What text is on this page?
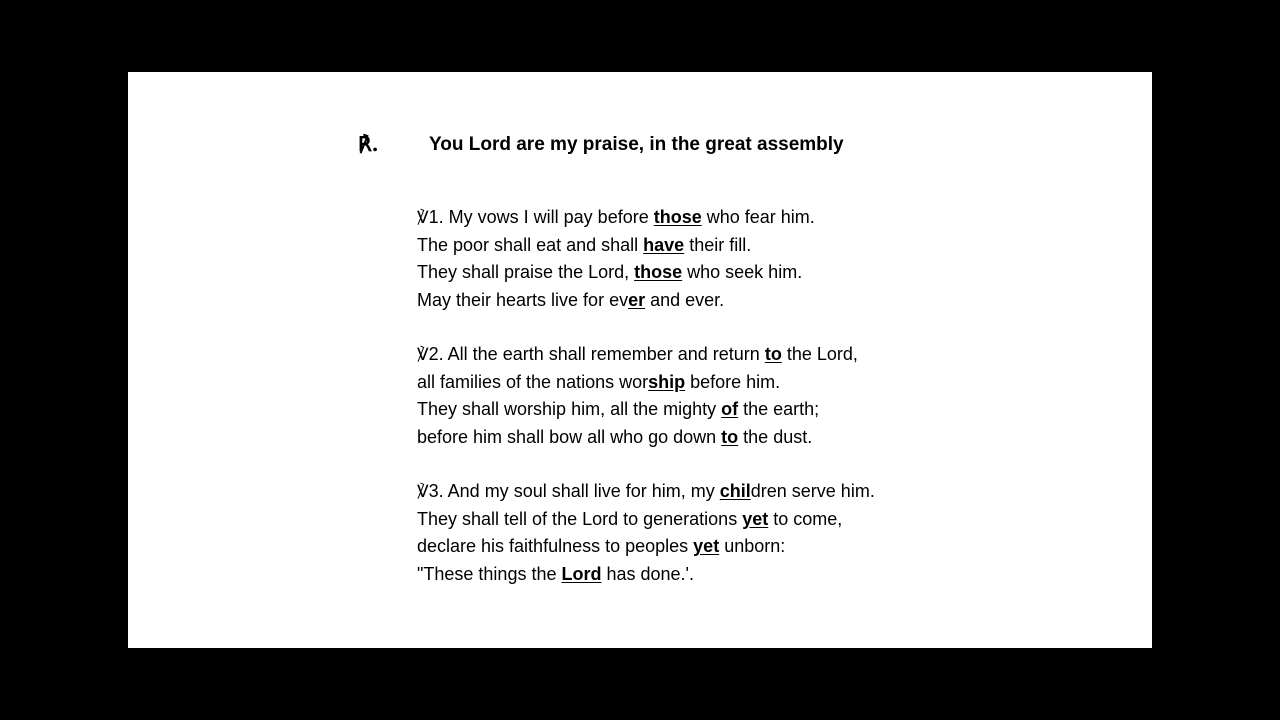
℟.	You Lord are my praise, in the great assembly
℣1. My vows I will pay before those who fear him.
The poor shall eat and shall have their fill.
They shall praise the Lord, those who seek him.
May their hearts live for ever and ever.
℣2. All the earth shall remember and return to the Lord,
all families of the nations worship before him.
They shall worship him, all the mighty of the earth;
before him shall bow all who go down to the dust.
℣3. And my soul shall live for him, my children serve him.
They shall tell of the Lord to generations yet to come,
declare his faithfulness to peoples yet unborn:
"These things the Lord has done.'.
